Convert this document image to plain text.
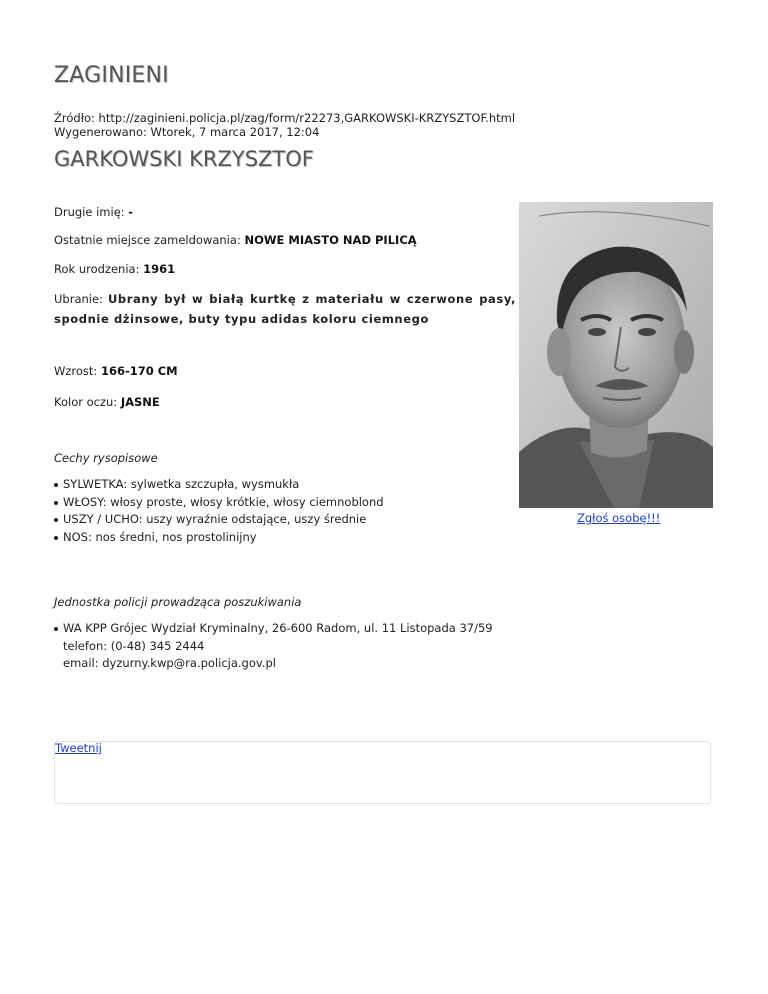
ZAGINIENI
Źródło: http://zaginieni.policja.pl/zag/form/r22273,GARKOWSKI-KRZYSZTOF.html
Wygenerowano: Wtorek, 7 marca 2017, 12:04
GARKOWSKI KRZYSZTOF
Drugie imię: -
Ostatnie miejsce zameldowania: NOWE MIASTO NAD PILICĄ
Rok urodzenia: 1961
Ubranie: Ubrany był w białą kurtkę z materiału w czerwone pasy, spodnie dżinsowe, buty typu adidas koloru ciemnego
Wzrost: 166-170 CM
Kolor oczu: JASNE
Cechy rysopisowe
SYLWETKA: sylwetka szczupła, wysmukła
WŁOSY: włosy proste, włosy krótkie, włosy ciemnoblond
USZY / UCHO: uszy wyraźnie odstające, uszy średnie
NOS: nos średni, nos prostolinijny
Jednostka policji prowadząca poszukiwania
WA KPP Grójec Wydział Kryminalny, 26-600 Radom, ul. 11 Listopada 37/59
telefon: (0-48) 345 2444
email: dyzurny.kwp@ra.policja.gov.pl
Zgłoś osobę!!!
Tweetnij
